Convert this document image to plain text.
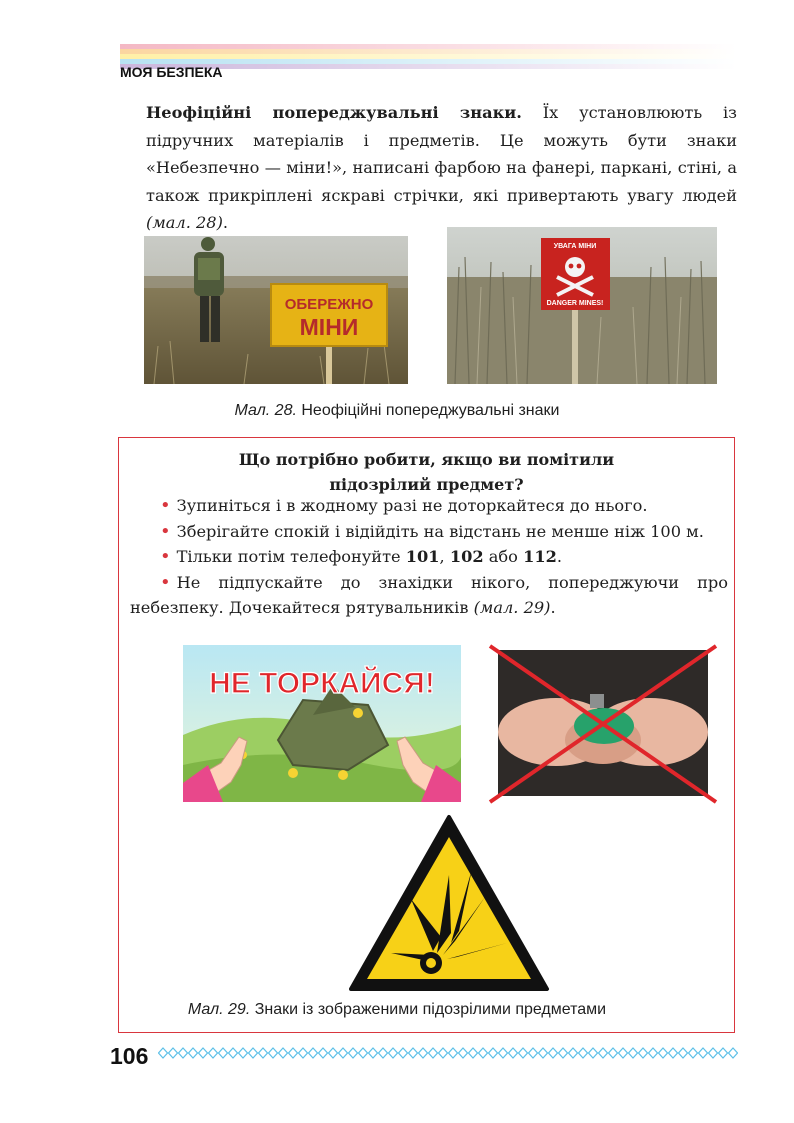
МОЯ БЕЗПЕКА

Неофіційні попереджувальні знаки. Їх установлюють із підручних матеріалів і предметів. Це можуть бути знаки «Небезпечно — міни!», написані фарбою на фанері, паркані, стіні, а також прикріплені яскраві стрічки, які привертають увагу людей (мал. 28).

ОБЕРЕЖНО
МІНИ
УВАГА МІНИ
DANGER MINES!
Мал. 28. Неофіційні попереджувальні знаки
Що потрібно робити, якщо ви помітили
підозрілий предмет?

• Зупиніться і в жодному разі не доторкайтеся до нього.

• Зберігайте спокій і відійдіть на відстань не менше ніж 100 м.

• Тільки потім телефонуйте 101, 102 або 112.

• Не підпускайте до знахідки нікого, попереджуючи про небезпеку. Дочекайтеся рятувальників (мал. 29).

НЕ ТОРКАЙСЯ!
Мал. 29. Знаки із зображеними підозрілими предметами
106
